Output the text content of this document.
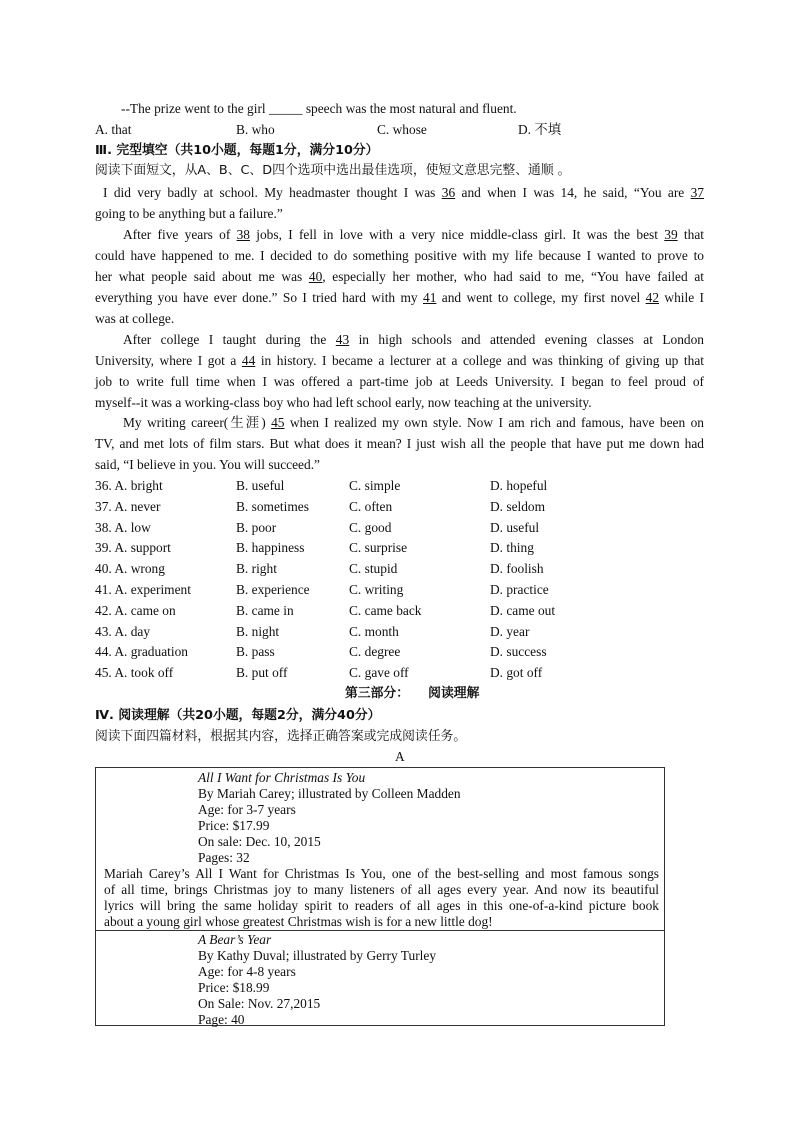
--The prize went to the girl _____ speech was the most natural and fluent.
A. that	B. who	C. whose	D. 不填
Ⅲ. 完型填空（共10小题，每题1分，满分10分）
阅读下面短文，从A、B、C、D四个选项中选出最佳选项，使短文意思完整、通顺 。
I did very badly at school. My headmaster thought I was 36 and when I was 14, he said, “You are 37
going to be anything but a failure.”
After five years of 38 jobs, I fell in love with a very nice middle-class girl. It was the best 39 that
could have happened to me. I decided to do something positive with my life because I wanted to prove to
her what people said about me was 40, especially her mother, who had said to me, “You have failed at
everything you have ever done.” So I tried hard with my 41 and went to college, my first novel 42 while I
was at college.
After college I taught during the 43 in high schools and attended evening classes at London
University, where I got a 44 in history. I became a lecturer at a college and was thinking of giving up that
job to write full time when I was offered a part-time job at Leeds University. I began to feel proud of
myself--it was a working-class boy who had left school early, now teaching at the university.
My writing career(生涯) 45 when I realized my own style. Now I am rich and famous, have been on
TV, and met lots of film stars. But what does it mean? I just wish all the people that have put me down had
said, “I believe in you. You will succeed.”
36. A. bright	B. useful	C. simple	D. hopeful
37. A. never	B. sometimes	C. often	D. seldom
38. A. low	B. poor	C. good	D. useful
39. A. support	B. happiness	C. surprise	D. thing
40. A. wrong	B. right	C. stupid	D. foolish
41. A. experiment	B. experience	C. writing	D. practice
42. A. came on	B. came in	C. came back	D. came out
43. A. day	B. night	C. month	D. year
44. A. graduation	B. pass	C. degree	D. success
45. A. took off	B. put off	C. gave off	D. got off
第三部分：　　阅读理解
Ⅳ. 阅读理解（共20小题，每题2分，满分40分）
阅读下面四篇材料，根据其内容，选择正确答案或完成阅读任务。
A
All I Want for Christmas Is You
By Mariah Carey; illustrated by Colleen Madden
Age: for 3-7 years
Price: $17.99
On sale: Dec. 10, 2015
Pages: 32
Mariah Carey’s All I Want for Christmas Is You, one of the best-selling and most famous songs
of all time, brings Christmas joy to many listeners of all ages every year. And now its beautiful
lyrics will bring the same holiday spirit to readers of all ages in this one-of-a-kind picture book
about a young girl whose greatest Christmas wish is for a new little dog!
A Bear’s Year
By Kathy Duval; illustrated by Gerry Turley
Age: for 4-8 years
Price: $18.99
On Sale: Nov. 27,2015
Page: 40
